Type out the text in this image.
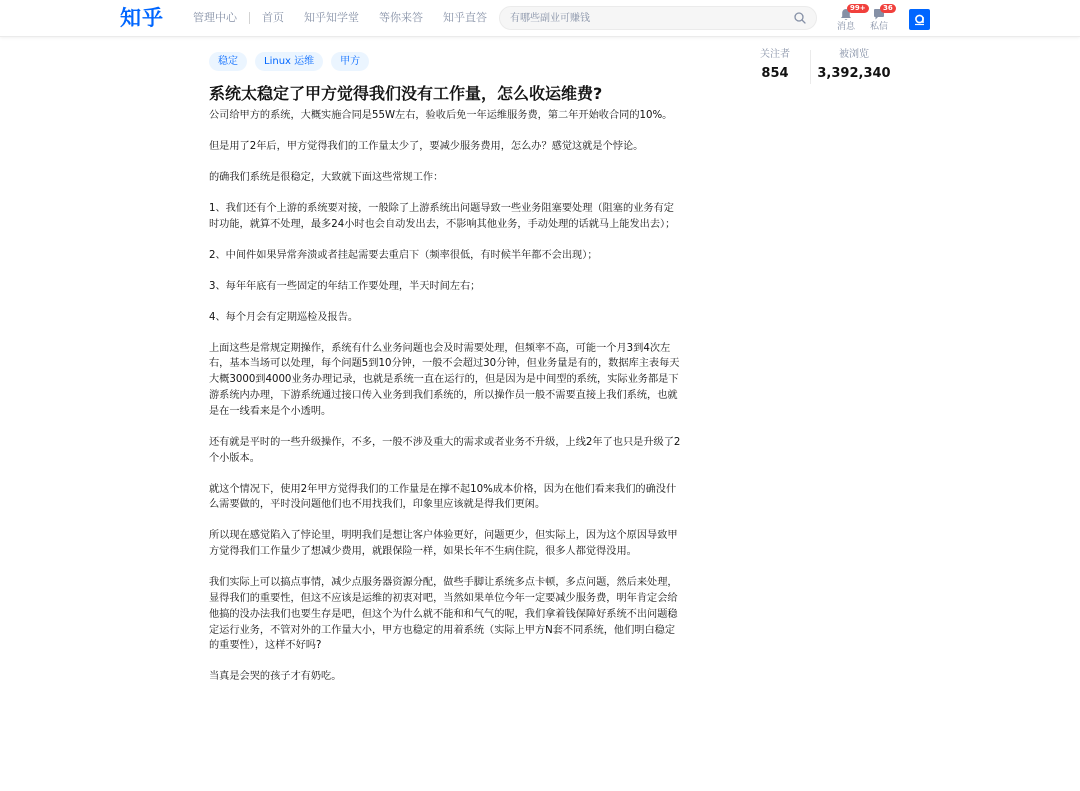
知乎	管理中心 首页 知乎知学堂 等你来答 知乎直答
有哪些副业可赚钱
99+
消息
36
私信
稳定	Linux 运维	甲方
关注者
854
被浏览
3,392,340
系统太稳定了甲方觉得我们没有工作量，怎么收运维费?

公司给甲方的系统，大概实施合同是55W左右，验收后免一年运维服务费，第二年开始收合同的10%。

但是用了2年后，甲方觉得我们的工作量太少了，要减少服务费用，怎么办？感觉这就是个悖论。

的确我们系统是很稳定，大致就下面这些常规工作：

1、我们还有个上游的系统要对接，一般除了上游系统出问题导致一些业务阻塞要处理（阻塞的业务有定时功能，就算不处理，最多24小时也会自动发出去，不影响其他业务，手动处理的话就马上能发出去）；

2、中间件如果异常奔溃或者挂起需要去重启下（频率很低，有时候半年都不会出现）；

3、每年年底有一些固定的年结工作要处理，半天时间左右；

4、每个月会有定期巡检及报告。

上面这些是常规定期操作，系统有什么业务问题也会及时需要处理，但频率不高，可能一个月3到4次左右，基本当场可以处理，每个问题5到10分钟，一般不会超过30分钟，但业务量是有的，数据库主表每天大概3000到4000业务办理记录，也就是系统一直在运行的，但是因为是中间型的系统，实际业务都是下游系统内办理，下游系统通过接口传入业务到我们系统的，所以操作员一般不需要直接上我们系统，也就是在一线看来是个小透明。

还有就是平时的一些升级操作，不多，一般不涉及重大的需求或者业务不升级，上线2年了也只是升级了2个小版本。

就这个情况下，使用2年甲方觉得我们的工作量是在撑不起10%成本价格，因为在他们看来我们的确没什么需要做的，平时没问题他们也不用找我们，印象里应该就是得我们更闲。

所以现在感觉陷入了悖论里，明明我们是想让客户体验更好，问题更少，但实际上，因为这个原因导致甲方觉得我们工作量少了想减少费用，就跟保险一样，如果长年不生病住院，很多人都觉得没用。

我们实际上可以搞点事情，减少点服务器资源分配，做些手脚让系统多点卡顿，多点问题，然后来处理，显得我们的重要性，但这不应该是运维的初衷对吧，当然如果单位今年一定要减少服务费，明年肯定会给他搞的没办法我们也要生存是吧，但这个为什么就不能和和气气的呢，我们拿着钱保障好系统不出问题稳定运行业务，不管对外的工作量大小，甲方也稳定的用着系统（实际上甲方N套不同系统，他们明白稳定的重要性），这样不好吗?

当真是会哭的孩子才有奶吃。
